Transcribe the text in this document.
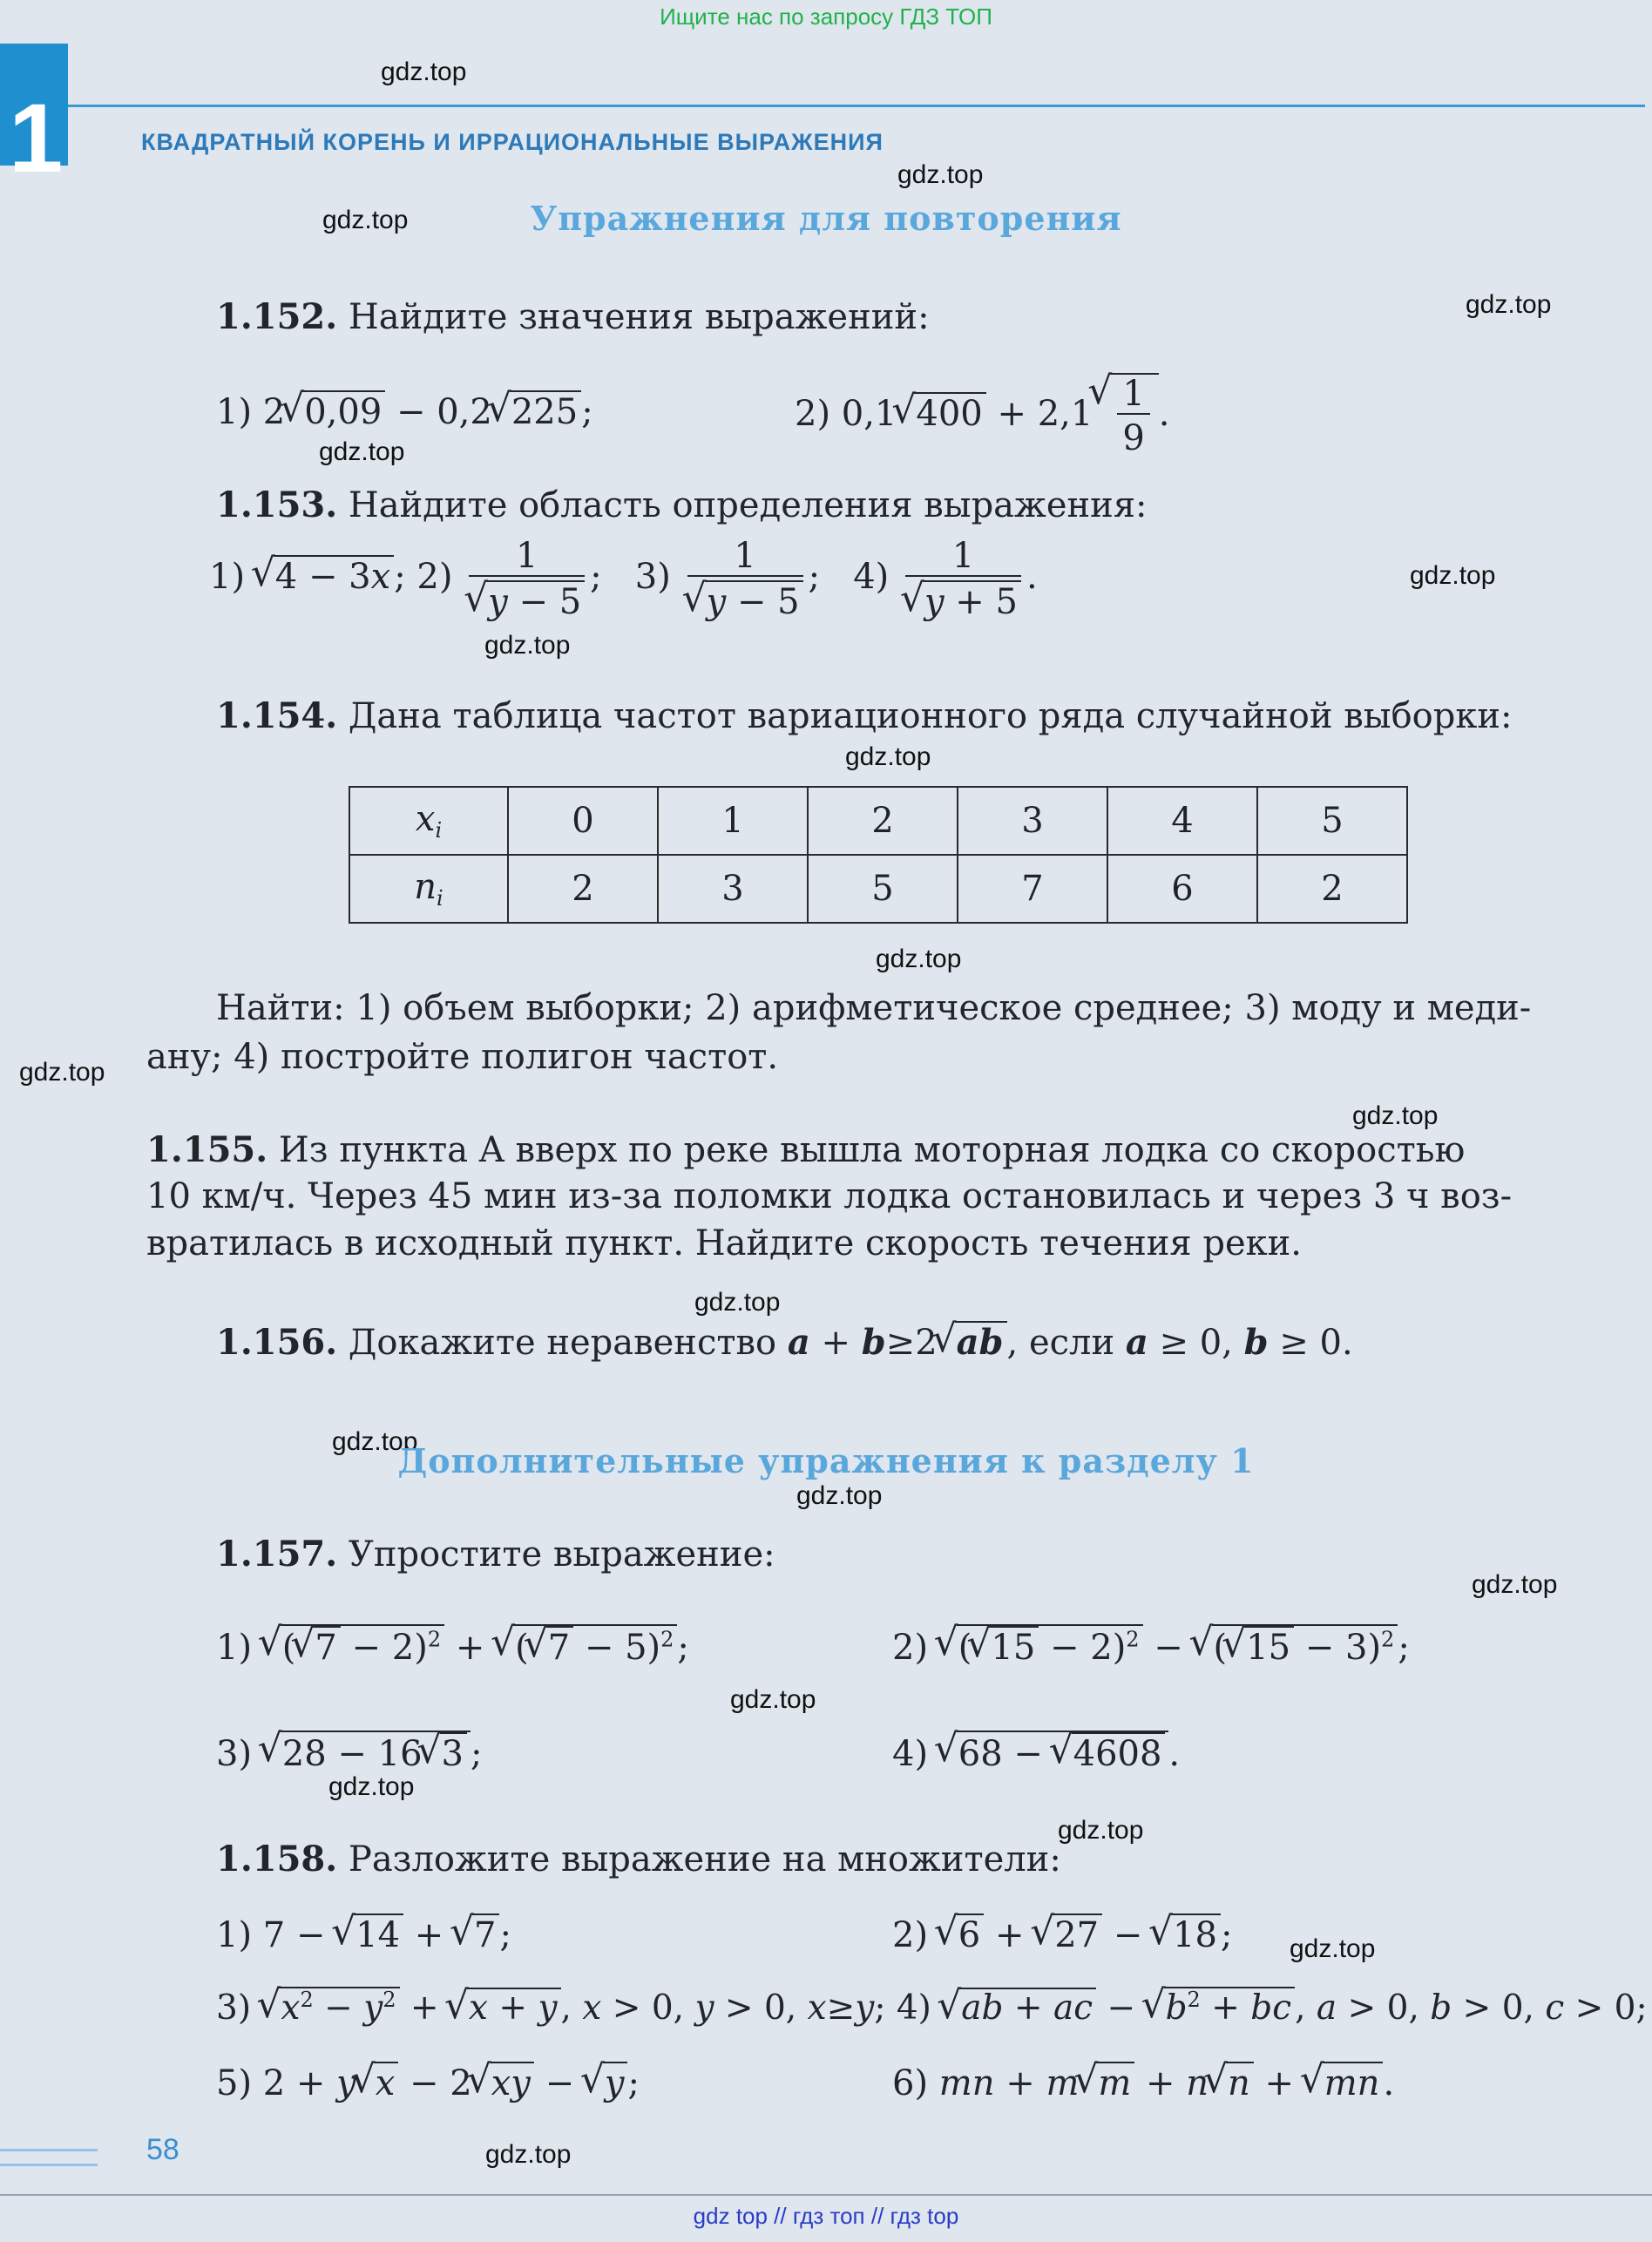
Ищите нас по запросу ГДЗ ТОП
1	КВАДРАТНЫЙ КОРЕНЬ И ИРРАЦИОНАЛЬНЫЕ ВЫРАЖЕНИЯ
gdz.top
gdz.top
gdz.top
gdz.top
gdz.top
gdz.top
gdz.top
gdz.top
gdz.top
gdz.top
gdz.top
gdz.top
gdz.top
gdz.top
gdz.top
gdz.top
gdz.top
gdz.top
gdz.top
gdz.top
Упражнения для повторения
1.152. Найдите значения выражений:
1) 2 √ 0,09 − 0,2 √ 225 ;	2) 0,1 √ 400 + 2,1 √ $\frac{1}{9}$ .
1.153. Найдите область определения выражения:
1) √ 4 − 3x ; 2) 1
√ y − 5 ;   3) 1
√ y − 5 ;   4) 1
√ y + 5 .
1.154. Дана таблица частот вариационного ряда случайной выборки:
$x_i$	0	1	2	3	4	5
$n_i$	2	3	5	7	6	2
Найти: 1) объем выборки; 2) арифметическое среднее; 3) моду и меди-
ану; 4) постройте полигон частот.
1.155. Из пункта A вверх по реке вышла моторная лодка со скоростью
10 км/ч. Через 45 мин из-за поломки лодка остановилась и через 3 ч воз-
вратилась в исходный пункт. Найдите скорость течения реки.
1.156. Докажите неравенство a + b≥2 √ ab , если a ≥ 0, b ≥ 0.
Дополнительные упражнения к разделу 1
1.157. Упростите выражение:
1) √ ( √ 7 − 2)$^2$ + √ ( √ 7 − 5)$^2$ ;	2) √ ( √ 15 − 2)$^2$ − √ ( √ 15 − 3)$^2$ ;
3) √ 28 − 16 √ 3 ;	4) √ 68 − √ 4608 .
1.158. Разложите выражение на множители:
1) 7 − √ 14 + √ 7 ;	2) √ 6 + √ 27 − √ 18 ;
3) √ $x^2 - y^2$ + √ x + y , x > 0, y > 0, x≥y; 4) √ ab + ac − √ $b^2$ + bc , a > 0, b > 0, c > 0;
5) 2 + y √ x − 2 √ xy − √ y ;	6) mn + m √ m + n √ n + √ mn .
58
gdz top // гдз топ // гдз top
